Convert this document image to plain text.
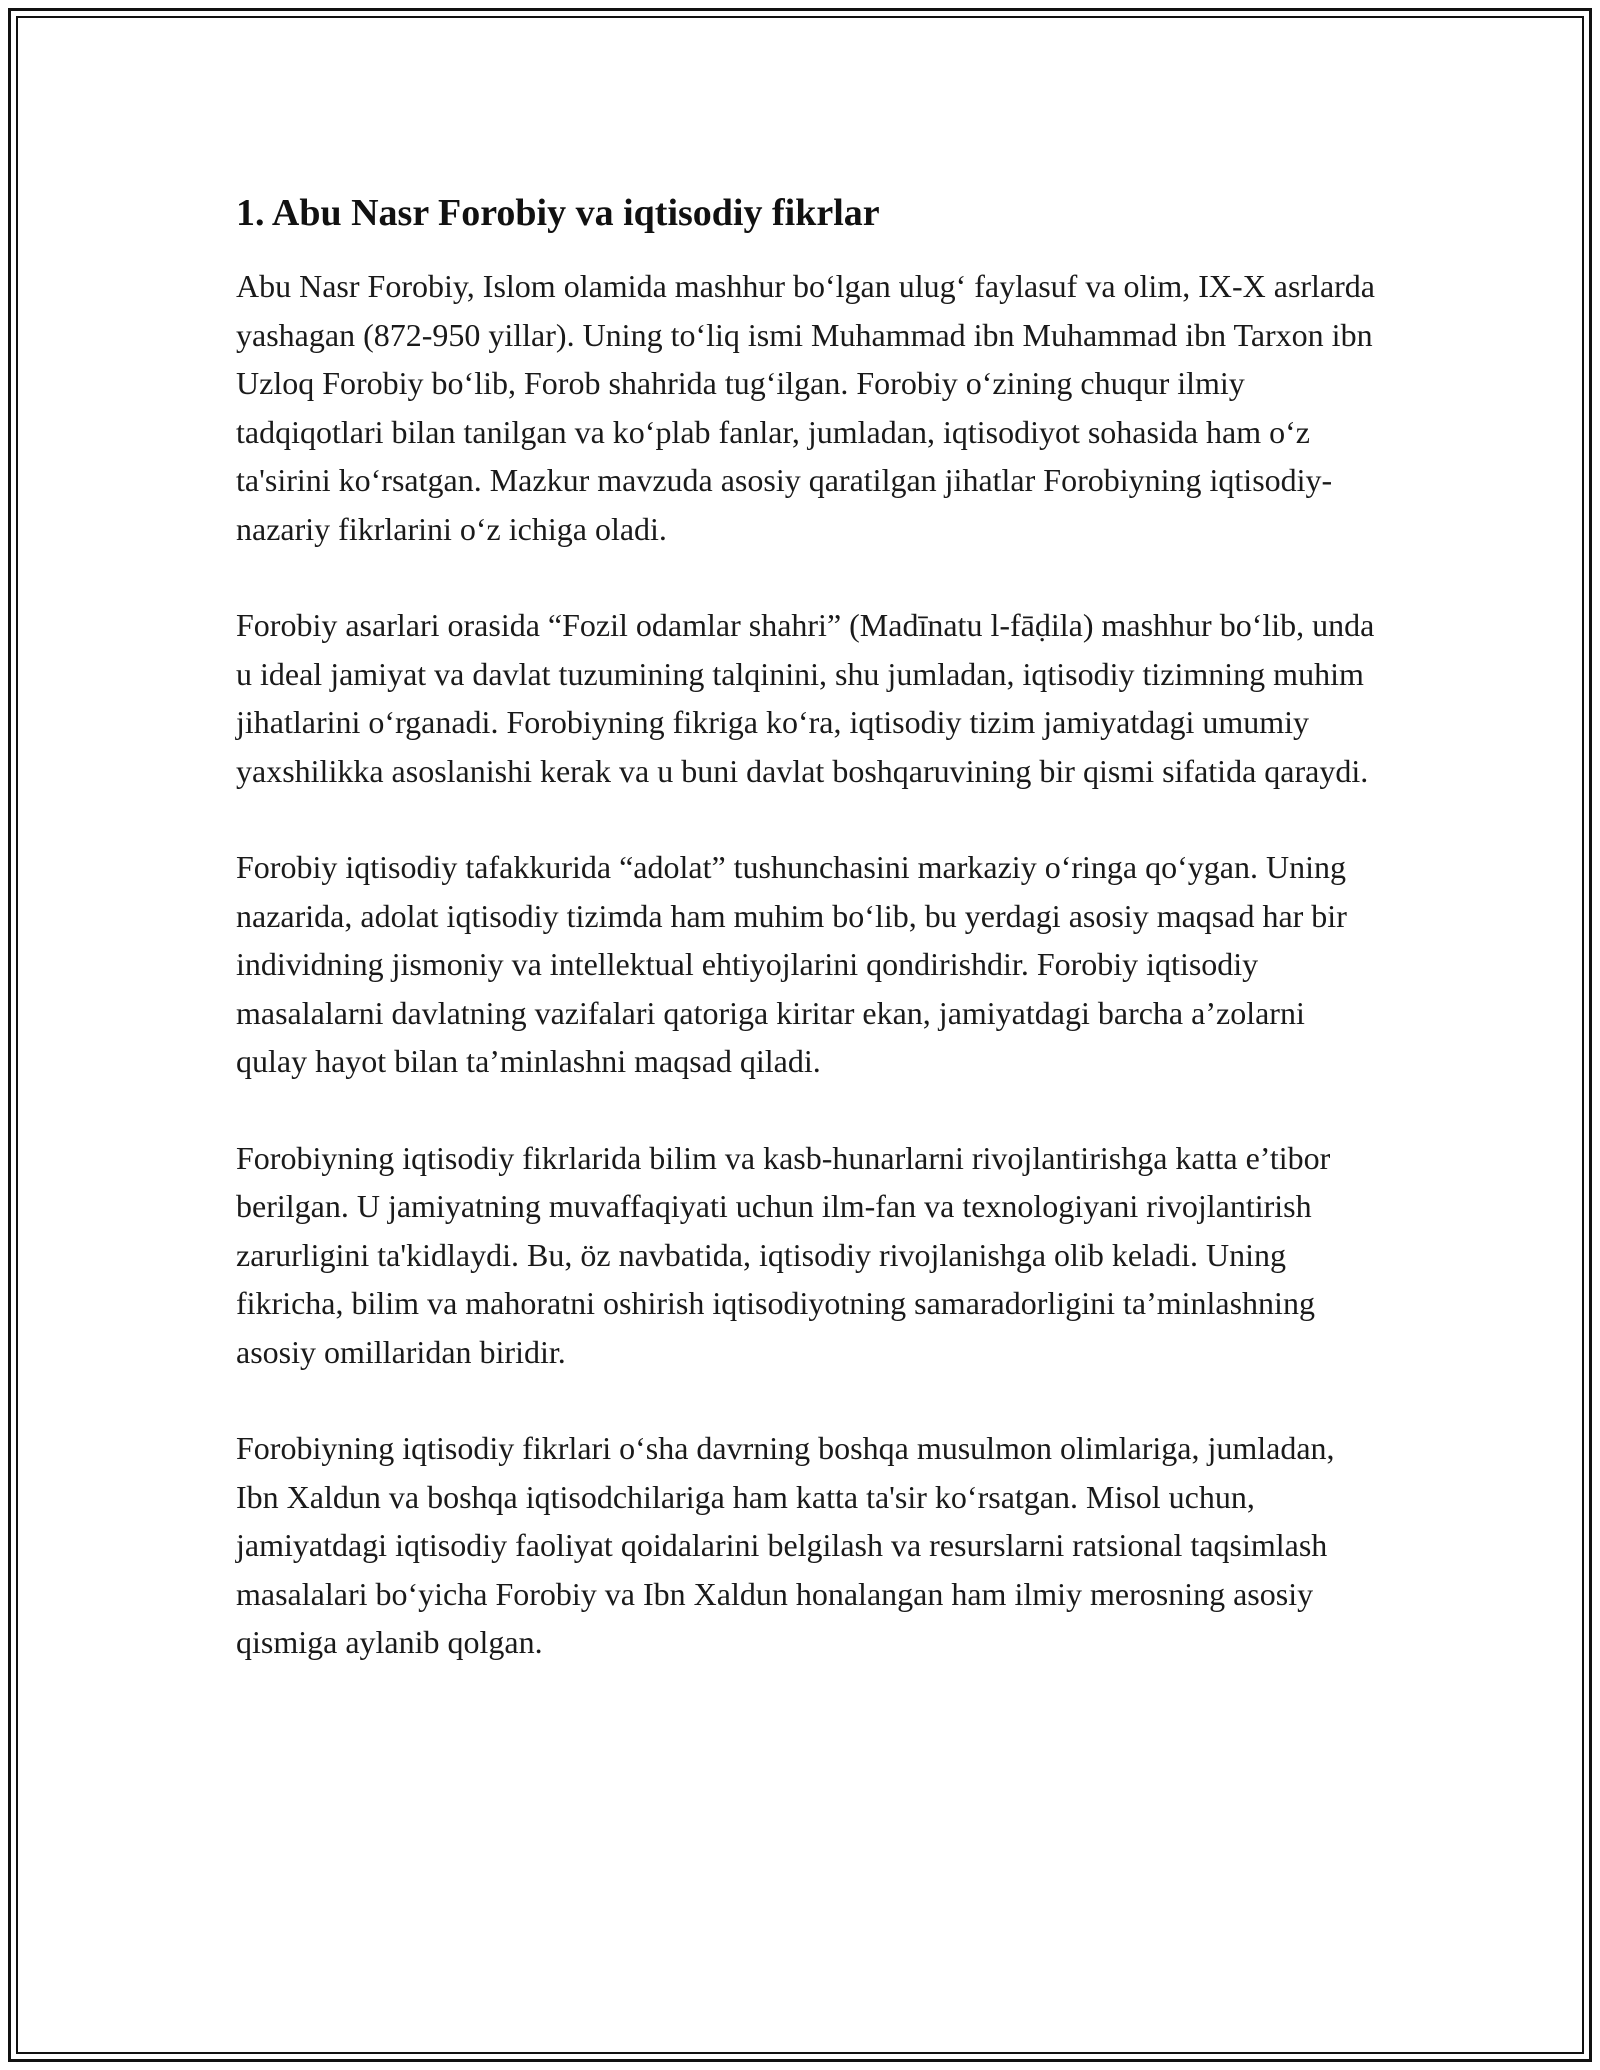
1. Abu Nasr Forobiy va iqtisodiy fikrlar

Abu Nasr Forobiy, Islom olamida mashhur bo‘lgan ulug‘ faylasuf va olim, IX-X asrlarda yashagan (872-950 yillar). Uning to‘liq ismi Muhammad ibn Muhammad ibn Tarxon ibn Uzloq Forobiy bo‘lib, Forob shahrida tug‘ilgan. Forobiy o‘zining chuqur ilmiy tadqiqotlari bilan tanilgan va ko‘plab fanlar, jumladan, iqtisodiyot sohasida ham o‘z ta'sirini ko‘rsatgan. Mazkur mavzuda asosiy qaratilgan jihatlar Forobiyning iqtisodiy-nazariy fikrlarini o‘z ichiga oladi.

Forobiy asarlari orasida “Fozil odamlar shahri” (Madīnatu l-fāḍila) mashhur bo‘lib, unda u ideal jamiyat va davlat tuzumining talqinini, shu jumladan, iqtisodiy tizimning muhim jihatlarini o‘rganadi. Forobiyning fikriga ko‘ra, iqtisodiy tizim jamiyatdagi umumiy yaxshilikka asoslanishi kerak va u buni davlat boshqaruvining bir qismi sifatida qaraydi.

Forobiy iqtisodiy tafakkurida “adolat” tushunchasini markaziy o‘ringa qo‘ygan. Uning nazarida, adolat iqtisodiy tizimda ham muhim bo‘lib, bu yerdagi asosiy maqsad har bir individning jismoniy va intellektual ehtiyojlarini qondirishdir. Forobiy iqtisodiy masalalarni davlatning vazifalari qatoriga kiritar ekan, jamiyatdagi barcha a’zolarni qulay hayot bilan ta’minlashni maqsad qiladi.

Forobiyning iqtisodiy fikrlarida bilim va kasb-hunarlarni rivojlantirishga katta e’tibor berilgan. U jamiyatning muvaffaqiyati uchun ilm-fan va texnologiyani rivojlantirish zarurligini ta'kidlaydi. Bu, öz navbatida, iqtisodiy rivojlanishga olib keladi. Uning fikricha, bilim va mahoratni oshirish iqtisodiyotning samaradorligini ta’minlashning asosiy omillaridan biridir.

Forobiyning iqtisodiy fikrlari o‘sha davrning boshqa musulmon olimlariga, jumladan, Ibn Xaldun va boshqa iqtisodchilariga ham katta ta'sir ko‘rsatgan. Misol uchun, jamiyatdagi iqtisodiy faoliyat qoidalarini belgilash va resurslarni ratsional taqsimlash masalalari bo‘yicha Forobiy va Ibn Xaldun honalangan ham ilmiy merosning asosiy qismiga aylanib qolgan.
